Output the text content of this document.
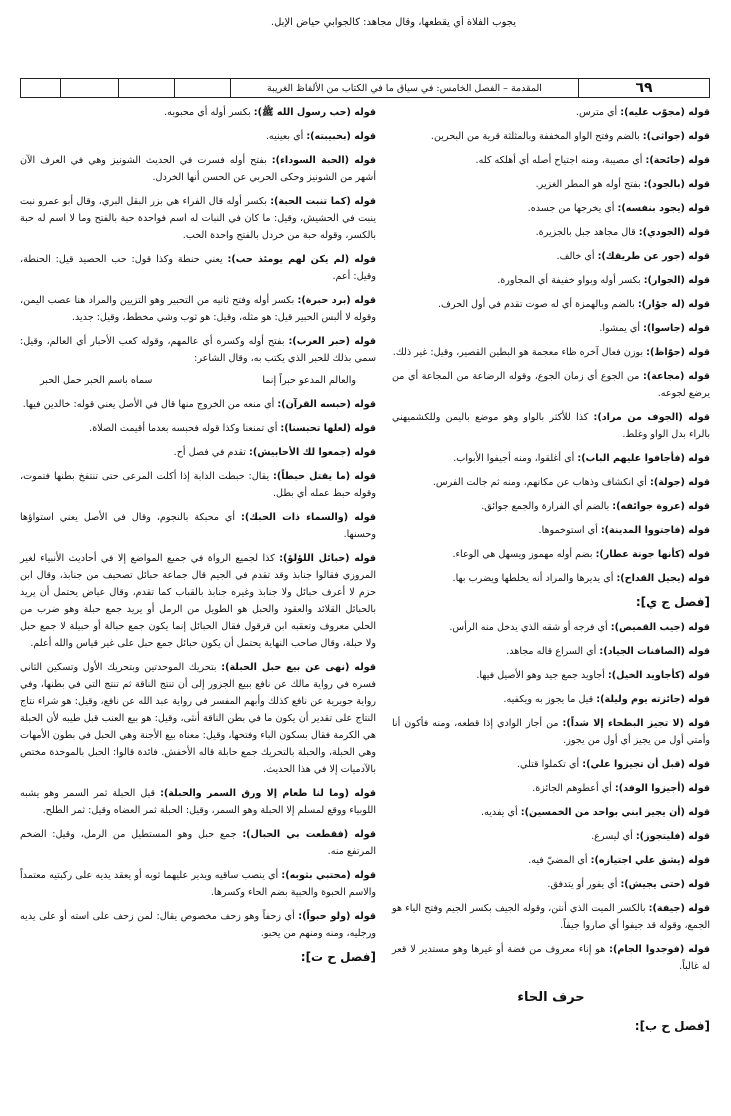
يجوب الفلاة أي يقطعها، وقال مجاهد: كالجوابي حياض الإبل.
المقدمة – الفصل الخامس: في سياق ما في الكتاب من الألفاظ الغريبة	٦٩

قوله (مجوّب عليه): أي مترس.

قوله (جواثى): بالضم وفتح الواو المخففة وبالمثلثة قرية من البحرين.

قوله (جائحة): أي مصيبة، ومنه اجتياح أصله أي أهلكه كله.

قوله (بالجود): بفتح أوله هو المطر الغزير.

قوله (يجود بنفسه): أي يخرجها من جسده.

قوله (الجودي): قال مجاهد جبل بالجزيرة.

قوله (جور عن طريقك): أي خالف.

قوله (الجوار): بكسر أوله وبواو خفيفة أي المجاورة.

قوله (له جؤار): بالضم وبالهمزة أي له صوت تقدم في أول الحرف.

قوله (جاسوا): أي يمشوا.

قوله (جوّاظ): بوزن فعال آخره ظاء معجمة هو البطين القصير، وقيل: غير ذلك.

قوله (مجاعة): من الجوع أي زمان الجوع، وقوله الرضاعة من المجاعة أي من يرضع لجوعه.

قوله (الجوف من مراد): كذا للأكثر بالواو وهو موضع باليمن وللكشميهني بالراء بدل الواو وغلط.

قوله (فأجافوا عليهم الباب): أي أغلقوا، ومنه أجيفوا الأبواب.

قوله (جولة): أي انكشاف وذهاب عن مكانهم، ومنه ثم جالت الفرس.

قوله (عروة جوائفه): بالضم أي الفرارة والجمع جوائق.

قوله (فاجتووا المدينة): أي استوخموها.

قوله (كأنها جونة عطار): بضم أوله مهموز ويسهل هي الوعاء.

قوله (يجيل القداح): أي يديرها والمراد أنه يخلطها ويضرب بها.

[فصل ج ي]:

قوله (جيب القميص): أي فرجه أو شقه الذي يدخل منه الرأس.

قوله (الصافنات الجياد): أي السراع قاله مجاهد.

قوله (كأجاويد الخيل): أجاويد جمع جيد وهو الأصيل فيها.

قوله (جائزته يوم وليلة): قيل ما يجوز به ويكفيه.

قوله (لا تجيز البطحاء إلا شداً): من أجاز الوادي إذا قطعه، ومنه فأكون أنا وأمتي أول من يجيز أي أول من يجوز.

قوله (قبل أن تجيزوا علي): أي تكملوا قتلي.

قوله (أجيزوا الوفد): أي أعطوهم الجائزة.

قوله (أن يجير ابني بواحد من الخمسين): أي يفديه.

قوله (فليتجوز): أي ليسرع.

قوله (يشق علي اجتيازه): أي المضيّ فيه.

قوله (حتى يجيش): أي يفور أو يتدفق.

قوله (جيفة): بالكسر الميت الذي أنتن، وقوله الجيف بكسر الجيم وفتح الياء هو الجمع، وقوله قد جيفوا أي صاروا جيفاً.

قوله (فوجدوا الجام): هو إناء معروف من فضة أو غيرها وهو مستدير لا قعر له غالباً.

حرف الحاء
[فصل ح ب]:

قوله (حب رسول الله ﷺ): بكسر أوله أي محبوبه.

قوله (بحبيبته): أي بعينيه.

قوله (الحبة السوداء): بفتح أوله فسرت في الحديث الشونيز وهي في العرف الآن أشهر من الشونيز وحكى الحربي عن الحسن أنها الخردل.

قوله (كما تنبت الحبة): بكسر أوله قال الفراء هي بزر البقل البري، وقال أبو عمرو نبت ينبت في الحشيش، وقيل: ما كان في النبات له اسم فواحدة حبة بالفتح وما لا اسم له حبة بالكسر، وقوله حبة من خردل بالفتح واحدة الحب.

قوله (لم يكن لهم يومئذ حب): يعني حنطة وكذا قول: حب الحصيد قيل: الحنطة، وقيل: أعم.

قوله (برد حبرة): بكسر أوله وفتح ثانيه من التحبير وهو التزيين والمراد هنا عصب اليمن، وقوله لا ألبس الحبير قيل: هو مثله، وقيل: هو ثوب وشي مخطط، وقيل: جديد.

قوله (حبر العرب): بفتح أوله وكسره أي عالمهم، وقوله كعب الأحبار أي العالم، وقيل: سمي بذلك للحبر الذي يكتب به، وقال الشاعر:

والعالم المدعو حبراً إنما
سماه باسم الحبر حمل الحبر

قوله (حبسه القرآن): أي منعه من الخروج منها قال في الأصل يعني قوله: خالدين فيها.

قوله (لعلها تحبسنا): أي تمنعنا وكذا قوله فحبسه بعدما أقيمت الصلاة.

قوله (جمعوا لك الأحابيش): تقدم في فصل أح.

قوله (ما يقتل حبطاً): يقال: حبطت الدابة إذا أكلت المرعى حتى تنتفخ بطنها فتموت، وقوله حبط عمله أي بطل.

قوله (والسماء ذات الحبك): أي محبكة بالنجوم، وقال في الأصل يعني استواؤها وحسنها.

قوله (حبائل اللؤلؤ): كذا لجميع الرواة في جميع المواضع إلا في أحاديث الأنبياء لغير المروزي فقالوا جنابذ وقد تقدم في الجيم قال جماعة حبائل تصحيف من جنابذ، وقال ابن حزم لا أعرف حبائل ولا جنابذ وغيره جنابذ بالقباب كما تقدم، وقال عياض يحتمل أن يريد بالحبائل القلائد والعقود والحبل هو الطويل من الرمل أو يريد جمع حبلة وهو ضرب من الحلي معروف وتعقبه ابن قرقول فقال الحبائل إنما يكون جمع حبالة أو حبيلة لا جمع حبل ولا حبلة، وقال صاحب النهاية يحتمل أن يكون حبائل جمع حبل على غير قياس والله أعلم.

قوله (نهى عن بيع حبل الحبلة): بتحريك الموحدتين وبتحريك الأول وتسكين الثاني فسره في رواية مالك عن نافع ببيع الجزور إلى أن تنتج الناقة ثم تنتج التي في بطنها، وفي رواية جويرية عن نافع كذلك وأبهم المفسر في رواية عبد الله عن نافع، وقيل: هو شراء نتاج النتاج على تقدير أن يكون ما في بطن الناقة أنثى، وقيل: هو بيع العنب قبل طيبه لأن الحبلة هي الكرمة فقال بسكون الباء وفتحها، وقيل: معناه بيع الأجنة وهي الحبل في بطون الأمهات وهي الحبلة، والحبلة بالتحريك جمع حابلة قاله الأخفش. فائدة قالوا: الحبل بالموحدة مختص بالآدميات إلا في هذا الحديث.

قوله (وما لنا طعام إلا ورق السمر والحبلة): قيل الحبلة ثمر السمر وهو يشبه اللوبياء ووقع لمسلم إلا الحبلة وهو السمر، وقيل: الحبلة ثمر العضاه وقيل: ثمر الطلح.

قوله (فقطعت بي الحبال): جمع حبل وهو المستطيل من الرمل، وقيل: الضخم المرتفع منه.

قوله (محتبي بثوبه): أي ينصب ساقيه ويدير عليهما ثوبه أو يعقد يديه على ركبتيه معتمداً والاسم الحبوة والحبية بضم الحاء وكسرها.

قوله (ولو حبواً): أي زحفاً وهو زحف مخصوص يقال: لمن زحف على استه أو على يديه ورجليه، ومنه ومنهم من يحبو.

[فصل ح ت]:
